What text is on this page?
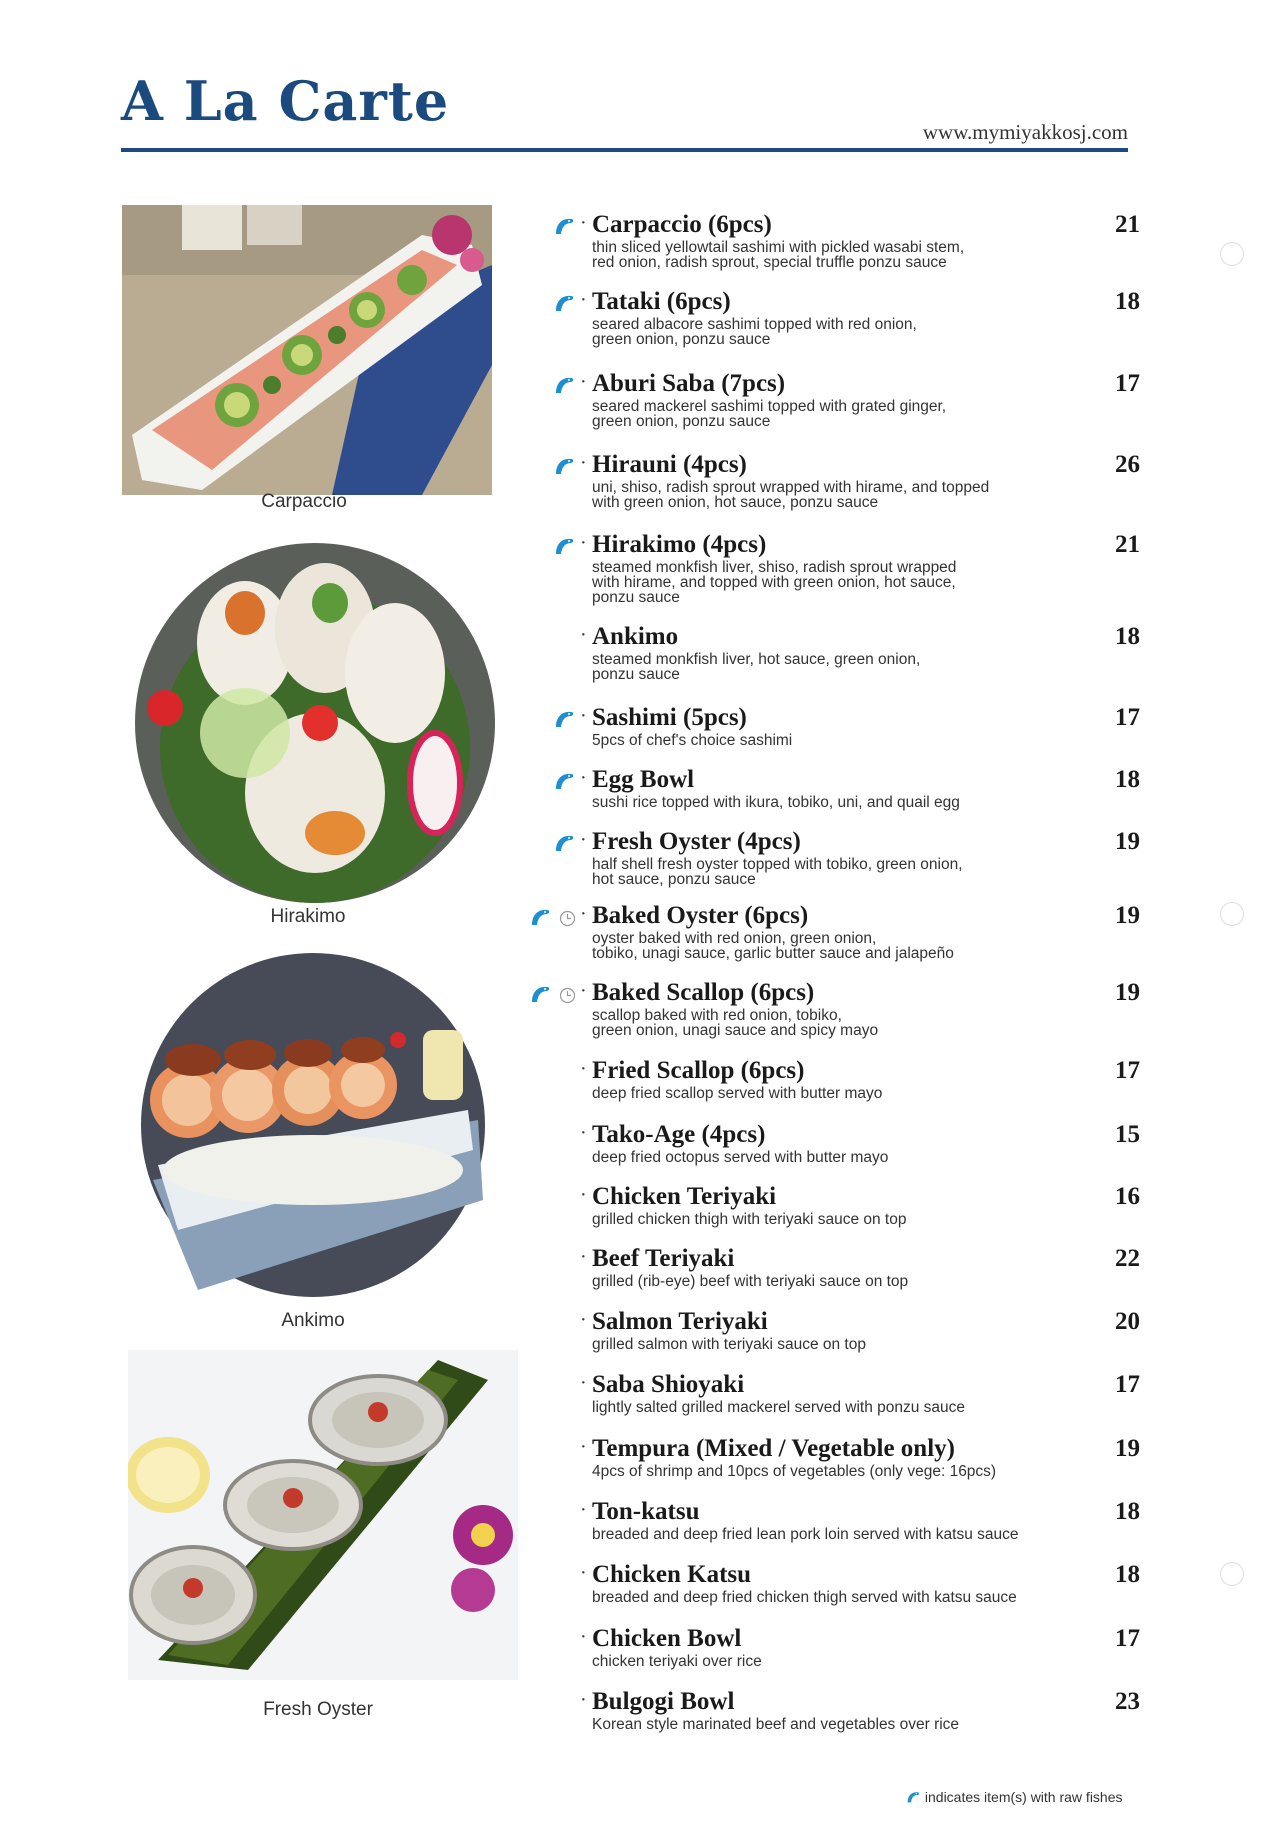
A La Carte	www.mymiyakkosj.com
Carpaccio
Hirakimo
Ankimo
Fresh Oyster
· Carpaccio (6pcs)	21
thin sliced yellowtail sashimi with pickled wasabi stem,
red onion, radish sprout, special truffle ponzu sauce
· Tataki (6pcs)	18
seared albacore sashimi topped with red onion,
green onion, ponzu sauce
· Aburi Saba (7pcs)	17
seared mackerel sashimi topped with grated ginger,
green onion, ponzu sauce
· Hirauni (4pcs)	26
uni, shiso, radish sprout wrapped with hirame, and topped
with green onion, hot sauce, ponzu sauce
· Hirakimo (4pcs)	21
steamed monkfish liver, shiso, radish sprout wrapped
with hirame, and topped with green onion, hot sauce,
ponzu sauce
· Ankimo	18
steamed monkfish liver, hot sauce, green onion,
ponzu sauce
· Sashimi (5pcs)	17
5pcs of chef's choice sashimi
· Egg Bowl	18
sushi rice topped with ikura, tobiko, uni, and quail egg
· Fresh Oyster (4pcs)	19
half shell fresh oyster topped with tobiko, green onion,
hot sauce, ponzu sauce
· Baked Oyster (6pcs)	19
oyster baked with red onion, green onion,
tobiko, unagi sauce, garlic butter sauce and jalapeño
· Baked Scallop (6pcs)	19
scallop baked with red onion, tobiko,
green onion, unagi sauce and spicy mayo
· Fried Scallop (6pcs)	17
deep fried scallop served with butter mayo
· Tako-Age (4pcs)	15
deep fried octopus served with butter mayo
· Chicken Teriyaki	16
grilled chicken thigh with teriyaki sauce on top
· Beef Teriyaki	22
grilled (rib-eye) beef with teriyaki sauce on top
· Salmon Teriyaki	20
grilled salmon with teriyaki sauce on top
· Saba Shioyaki	17
lightly salted grilled mackerel served with ponzu sauce
· Tempura (Mixed / Vegetable only)	19
4pcs of shrimp and 10pcs of vegetables (only vege: 16pcs)
· Ton-katsu	18
breaded and deep fried lean pork loin served with katsu sauce
· Chicken Katsu	18
breaded and deep fried chicken thigh served with katsu sauce
· Chicken Bowl	17
chicken teriyaki over rice
· Bulgogi Bowl	23
Korean style marinated beef and vegetables over rice
indicates item(s) with raw fishes
